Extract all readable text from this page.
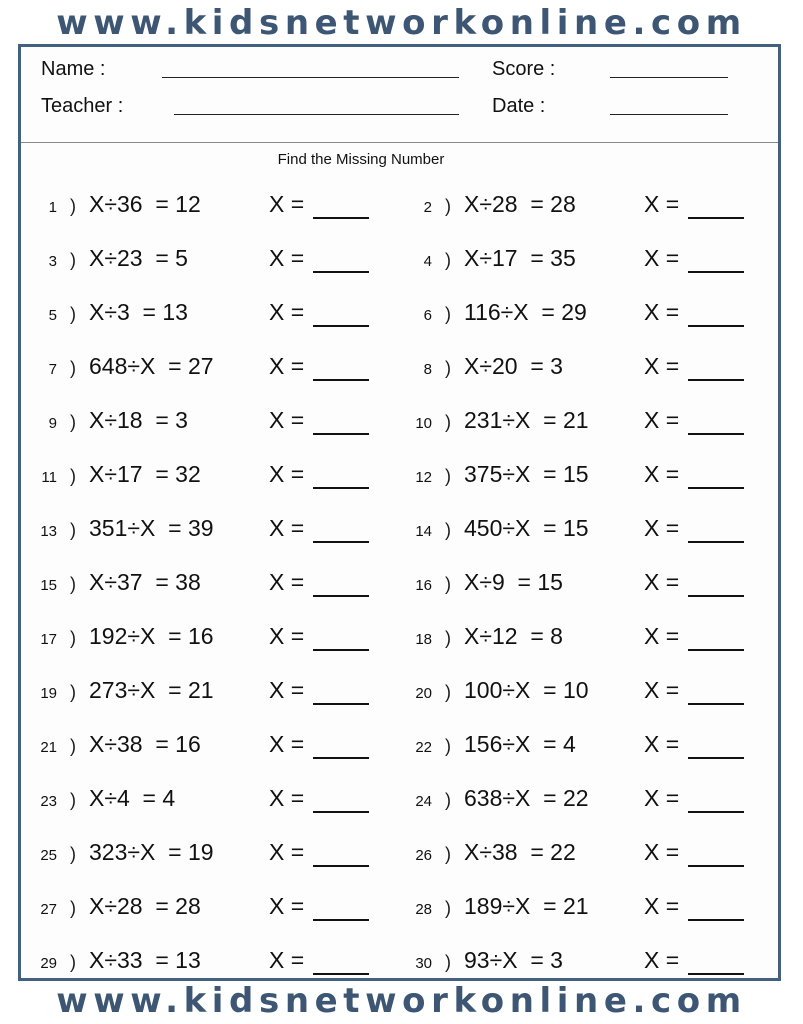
www.kidsnetworkonline.com
Name :	Score :
Teacher :	Date :
Find the Missing Number
1 ) X÷36  = 12	X =	2 ) X÷28  = 28	X =
3 ) X÷23  = 5	X =	4 ) X÷17  = 35	X =
5 ) X÷3  = 13	X =	6 ) 116÷X  = 29 X =
7 ) 648÷X  = 27 X =	8 ) X÷20  = 3	X =
9 ) X÷18  = 3	X =	10 ) 231÷X  = 21 X =
11 ) X÷17  = 32	X =	12 ) 375÷X  = 15 X =
13 ) 351÷X  = 39 X =	14 ) 450÷X  = 15 X =
15 ) X÷37  = 38	X =	16 ) X÷9  = 15	X =
17 ) 192÷X  = 16 X =	18 ) X÷12  = 8	X =
19 ) 273÷X  = 21 X =	20 ) 100÷X  = 10 X =
21 ) X÷38  = 16	X =	22 ) 156÷X  = 4	X =
23 ) X÷4  = 4	X =	24 ) 638÷X  = 22 X =
25 ) 323÷X  = 19 X =	26 ) X÷38  = 22	X =
27 ) X÷28  = 28	X =	28 ) 189÷X  = 21 X =
29 ) X÷33  = 13	X =	30 ) 93÷X  = 3	X =
www.kidsnetworkonline.com
